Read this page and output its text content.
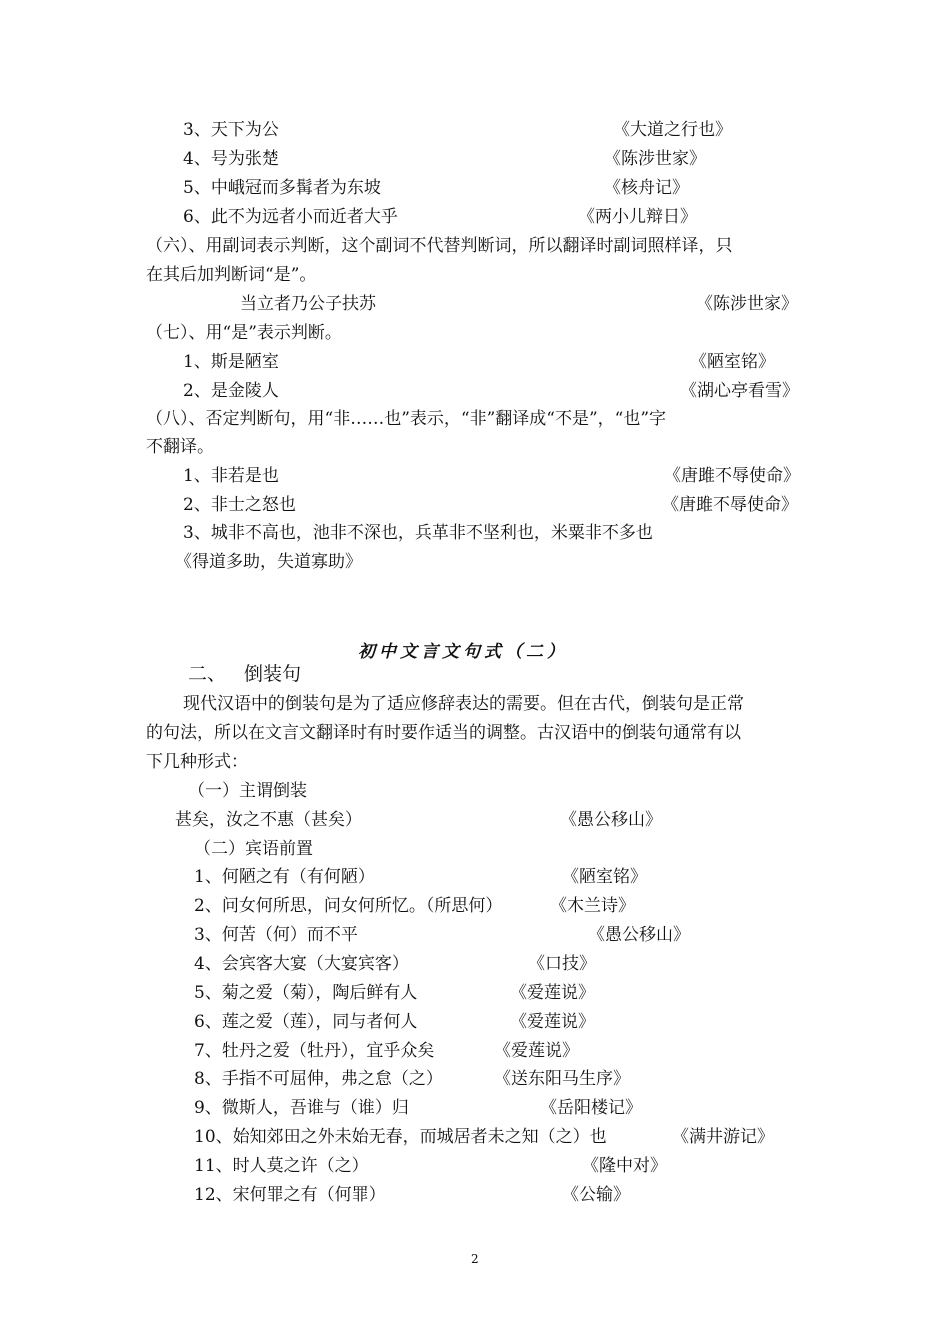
3、天下为公	《大道之行也》
4、号为张楚	《陈涉世家》
5、中峨冠而多髯者为东坡	《核舟记》
6、此不为远者小而近者大乎	《两小儿辩日》
（六）、用副词表示判断，这个副词不代替判断词，所以翻译时副词照样译，只
在其后加判断词“是”。
当立者乃公子扶苏	《陈涉世家》
（七）、用“是”表示判断。
1、斯是陋室	《陋室铭》
2、是金陵人	《湖心亭看雪》
（八）、否定判断句，用“非……也”表示，“非”翻译成“不是”，“也”字
不翻译。
1、非若是也	《唐雎不辱使命》
2、非士之怒也	《唐雎不辱使命》
3、城非不高也，池非不深也，兵革非不坚利也，米粟非不多也
《得道多助，失道寡助》
初中文言文句式（二）
二、 倒装句
现代汉语中的倒装句是为了适应修辞表达的需要。但在古代，倒装句是正常
的句法，所以在文言文翻译时有时要作适当的调整。古汉语中的倒装句通常有以
下几种形式：
（一）主谓倒装
甚矣，汝之不惠（甚矣）	《愚公移山》
（二）宾语前置
1、何陋之有（有何陋）	《陋室铭》
2、问女何所思，问女何所忆。（所思何）	《木兰诗》
3、何苦（何）而不平	《愚公移山》
4、会宾客大宴（大宴宾客）	《口技》
5、菊之爱（菊），陶后鲜有人	《爱莲说》
6、莲之爱（莲），同与者何人	《爱莲说》
7、牡丹之爱（牡丹），宜乎众矣	《爱莲说》
8、手指不可屈伸，弗之怠（之）	《送东阳马生序》
9、微斯人，吾谁与（谁）归	《岳阳楼记》
10、始知郊田之外未始无春，而城居者未之知（之）也	《满井游记》
11、时人莫之许（之）	《隆中对》
12、宋何罪之有（何罪）	《公输》
2
